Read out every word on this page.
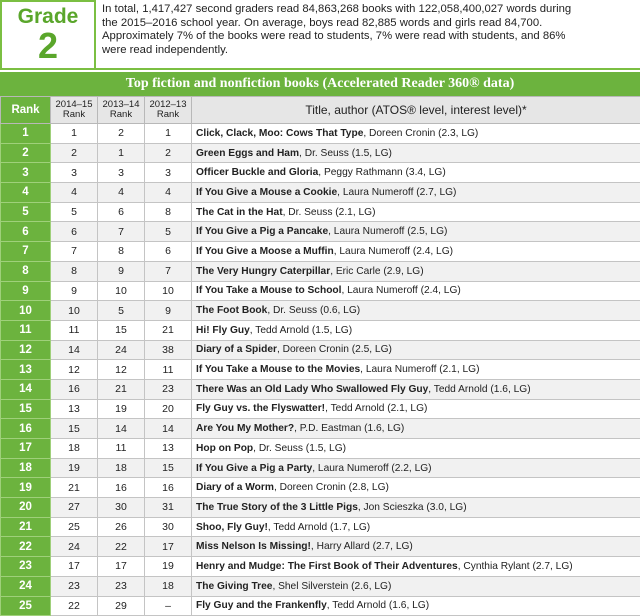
Grade
2
In total, 1,417,427 second graders read 84,863,268 books with 122,058,400,027 words during
the 2015–2016 school year. On average, boys read 82,885 words and girls read 84,700.
Approximately 7% of the books were read to students, 7% were read with students, and 86%
were read independently.
Top fiction and nonfiction books (Accelerated Reader 360® data)
Rank	2014–15 Rank	2013–14 Rank	2012–13 Rank	Title, author (ATOS® level, interest level)*
1	1	2	1	Click, Clack, Moo: Cows That Type, Doreen Cronin (2.3, LG)
2	2	1	2	Green Eggs and Ham, Dr. Seuss (1.5, LG)
3	3	3	3	Officer Buckle and Gloria, Peggy Rathmann (3.4, LG)
4	4	4	4	If You Give a Mouse a Cookie, Laura Numeroff (2.7, LG)
5	5	6	8	The Cat in the Hat, Dr. Seuss (2.1, LG)
6	6	7	5	If You Give a Pig a Pancake, Laura Numeroff (2.5, LG)
7	7	8	6	If You Give a Moose a Muffin, Laura Numeroff (2.4, LG)
8	8	9	7	The Very Hungry Caterpillar, Eric Carle (2.9, LG)
9	9	10	10	If You Take a Mouse to School, Laura Numeroff (2.4, LG)
10	10	5	9	The Foot Book, Dr. Seuss (0.6, LG)
11	11	15	21	Hi! Fly Guy, Tedd Arnold (1.5, LG)
12	14	24	38	Diary of a Spider, Doreen Cronin (2.5, LG)
13	12	12	11	If You Take a Mouse to the Movies, Laura Numeroff (2.1, LG)
14	16	21	23	There Was an Old Lady Who Swallowed Fly Guy, Tedd Arnold (1.6, LG)
15	13	19	20	Fly Guy vs. the Flyswatter!, Tedd Arnold (2.1, LG)
16	15	14	14	Are You My Mother?, P.D. Eastman (1.6, LG)
17	18	11	13	Hop on Pop, Dr. Seuss (1.5, LG)
18	19	18	15	If You Give a Pig a Party, Laura Numeroff (2.2, LG)
19	21	16	16	Diary of a Worm, Doreen Cronin (2.8, LG)
20	27	30	31	The True Story of the 3 Little Pigs, Jon Scieszka (3.0, LG)
21	25	26	30	Shoo, Fly Guy!, Tedd Arnold (1.7, LG)
22	24	22	17	Miss Nelson Is Missing!, Harry Allard (2.7, LG)
23	17	17	19	Henry and Mudge: The First Book of Their Adventures, Cynthia Rylant (2.7, LG)
24	23	23	18	The Giving Tree, Shel Silverstein (2.6, LG)
25	22	29	–	Fly Guy and the Frankenfly, Tedd Arnold (1.6, LG)
